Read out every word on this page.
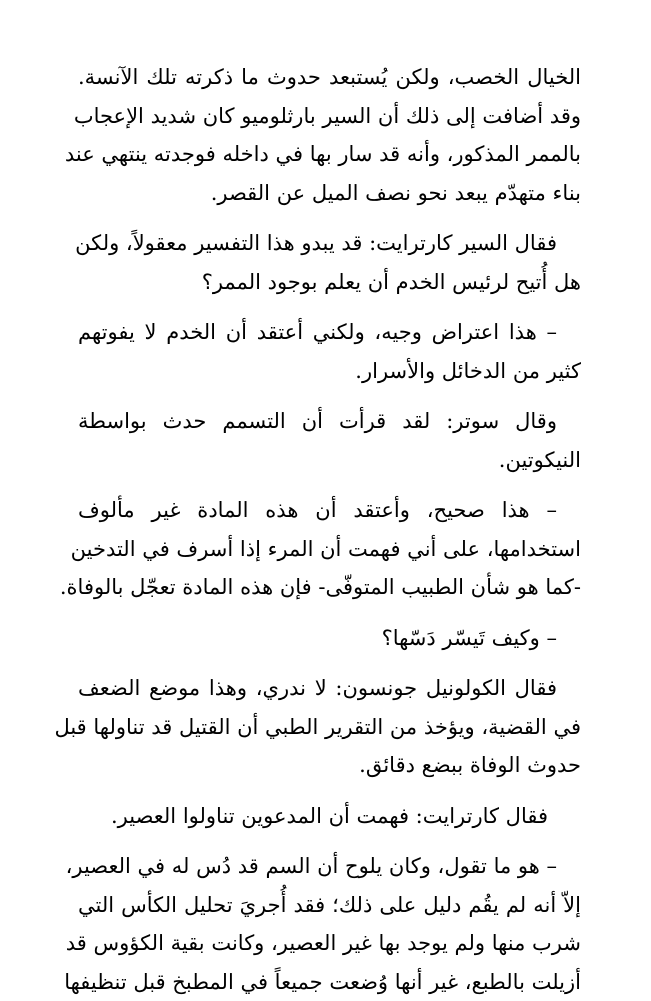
الخيال الخصب، ولكن يُستبعد حدوث ما ذكرته تلك الآنسة.
وقد أضافت إلى ذلك أن السير بارثلوميو كان شديد الإعجاب
بالممر المذكور، وأنه قد سار بها في داخله فوجدته ينتهي عند
بناء متهدّم يبعد نحو نصف الميل عن القصر.

فقال السير كارترايت: قد يبدو هذا التفسير معقولاً، ولكن
هل أُتيح لرئيس الخدم أن يعلم بوجود الممر؟

– هذا اعتراض وجيه، ولكني أعتقد أن الخدم لا يفوتهم
كثير من الدخائل والأسرار.

وقال سوتر: لقد قرأت أن التسمم حدث بواسطة
النيكوتين.

– هذا صحيح، وأعتقد أن هذه المادة غير مألوف
استخدامها، على أني فهمت أن المرء إذا أسرف في التدخين
-كما هو شأن الطبيب المتوفّى- فإن هذه المادة تعجّل بالوفاة.

– وكيف تَيسّر دَسّها؟

فقال الكولونيل جونسون: لا ندري، وهذا موضع الضعف
في القضية، ويؤخذ من التقرير الطبي أن القتيل قد تناولها قبل
حدوث الوفاة ببضع دقائق.

فقال كارترايت: فهمت أن المدعوين تناولوا العصير.

– هو ما تقول، وكان يلوح أن السم قد دُس له في العصير،
إلاّ أنه لم يقُم دليل على ذلك؛ فقد أُجريَ تحليل الكأس التي
شرب منها ولم يوجد بها غير العصير، وكانت بقية الكؤوس قد
أزيلت بالطبع، غير أنها وُضعت جميعاً في المطبخ قبل تنظيفها
